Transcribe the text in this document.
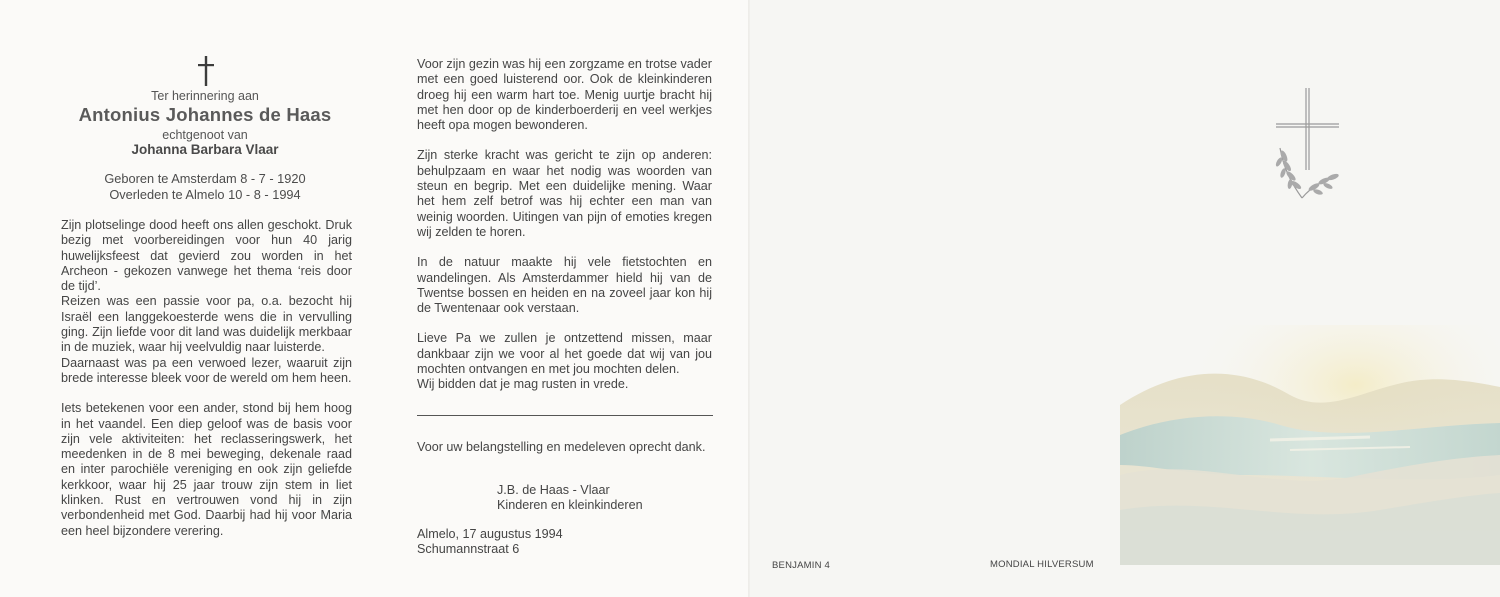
Ter herinnering aan
Antonius Johannes de Haas
echtgenoot van
Johanna Barbara Vlaar
Geboren te Amsterdam 8 - 7 - 1920
Overleden te Almelo 10 - 8 - 1994

Zijn plotselinge dood heeft ons allen geschokt. Druk bezig met voorbereidingen voor hun 40 jarig huwelijksfeest dat gevierd zou worden in het Archeon - gekozen vanwege het thema ‘reis door de tijd’.

Reizen was een passie voor pa, o.a. bezocht hij Israël een langgekoesterde wens die in vervulling ging. Zijn liefde voor dit land was duidelijk merkbaar in de muziek, waar hij veelvuldig naar luisterde.

Daarnaast was pa een verwoed lezer, waaruit zijn brede interesse bleek voor de wereld om hem heen.

Iets betekenen voor een ander, stond bij hem hoog in het vaandel. Een diep geloof was de basis voor zijn vele aktiviteiten: het reclasseringswerk, het meedenken in de 8 mei beweging, dekenale raad en inter parochiële vereniging en ook zijn geliefde kerkkoor, waar hij 25 jaar trouw zijn stem in liet klinken. Rust en vertrouwen vond hij in zijn verbondenheid met God. Daarbij had hij voor Maria een heel bijzondere verering.

Voor zijn gezin was hij een zorgzame en trotse vader met een goed luisterend oor. Ook de kleinkinderen droeg hij een warm hart toe. Menig uurtje bracht hij met hen door op de kinderboerderij en veel werkjes heeft opa mogen bewonderen.

Zijn sterke kracht was gericht te zijn op anderen: behulpzaam en waar het nodig was woorden van steun en begrip. Met een duidelijke mening. Waar het hem zelf betrof was hij echter een man van weinig woorden. Uitingen van pijn of emoties kregen wij zelden te horen.

In de natuur maakte hij vele fietstochten en wandelingen. Als Amsterdammer hield hij van de Twentse bossen en heiden en na zoveel jaar kon hij de Twentenaar ook verstaan.

Lieve Pa we zullen je ontzettend missen, maar dankbaar zijn we voor al het goede dat wij van jou mochten ontvangen en met jou mochten delen.

Wij bidden dat je mag rusten in vrede.

Voor uw belangstelling en medeleven oprecht dank.
J.B. de Haas - Vlaar
Kinderen en kleinkinderen
Almelo, 17 augustus 1994
Schumannstraat 6
BENJAMIN 4	MONDIAL HILVERSUM
